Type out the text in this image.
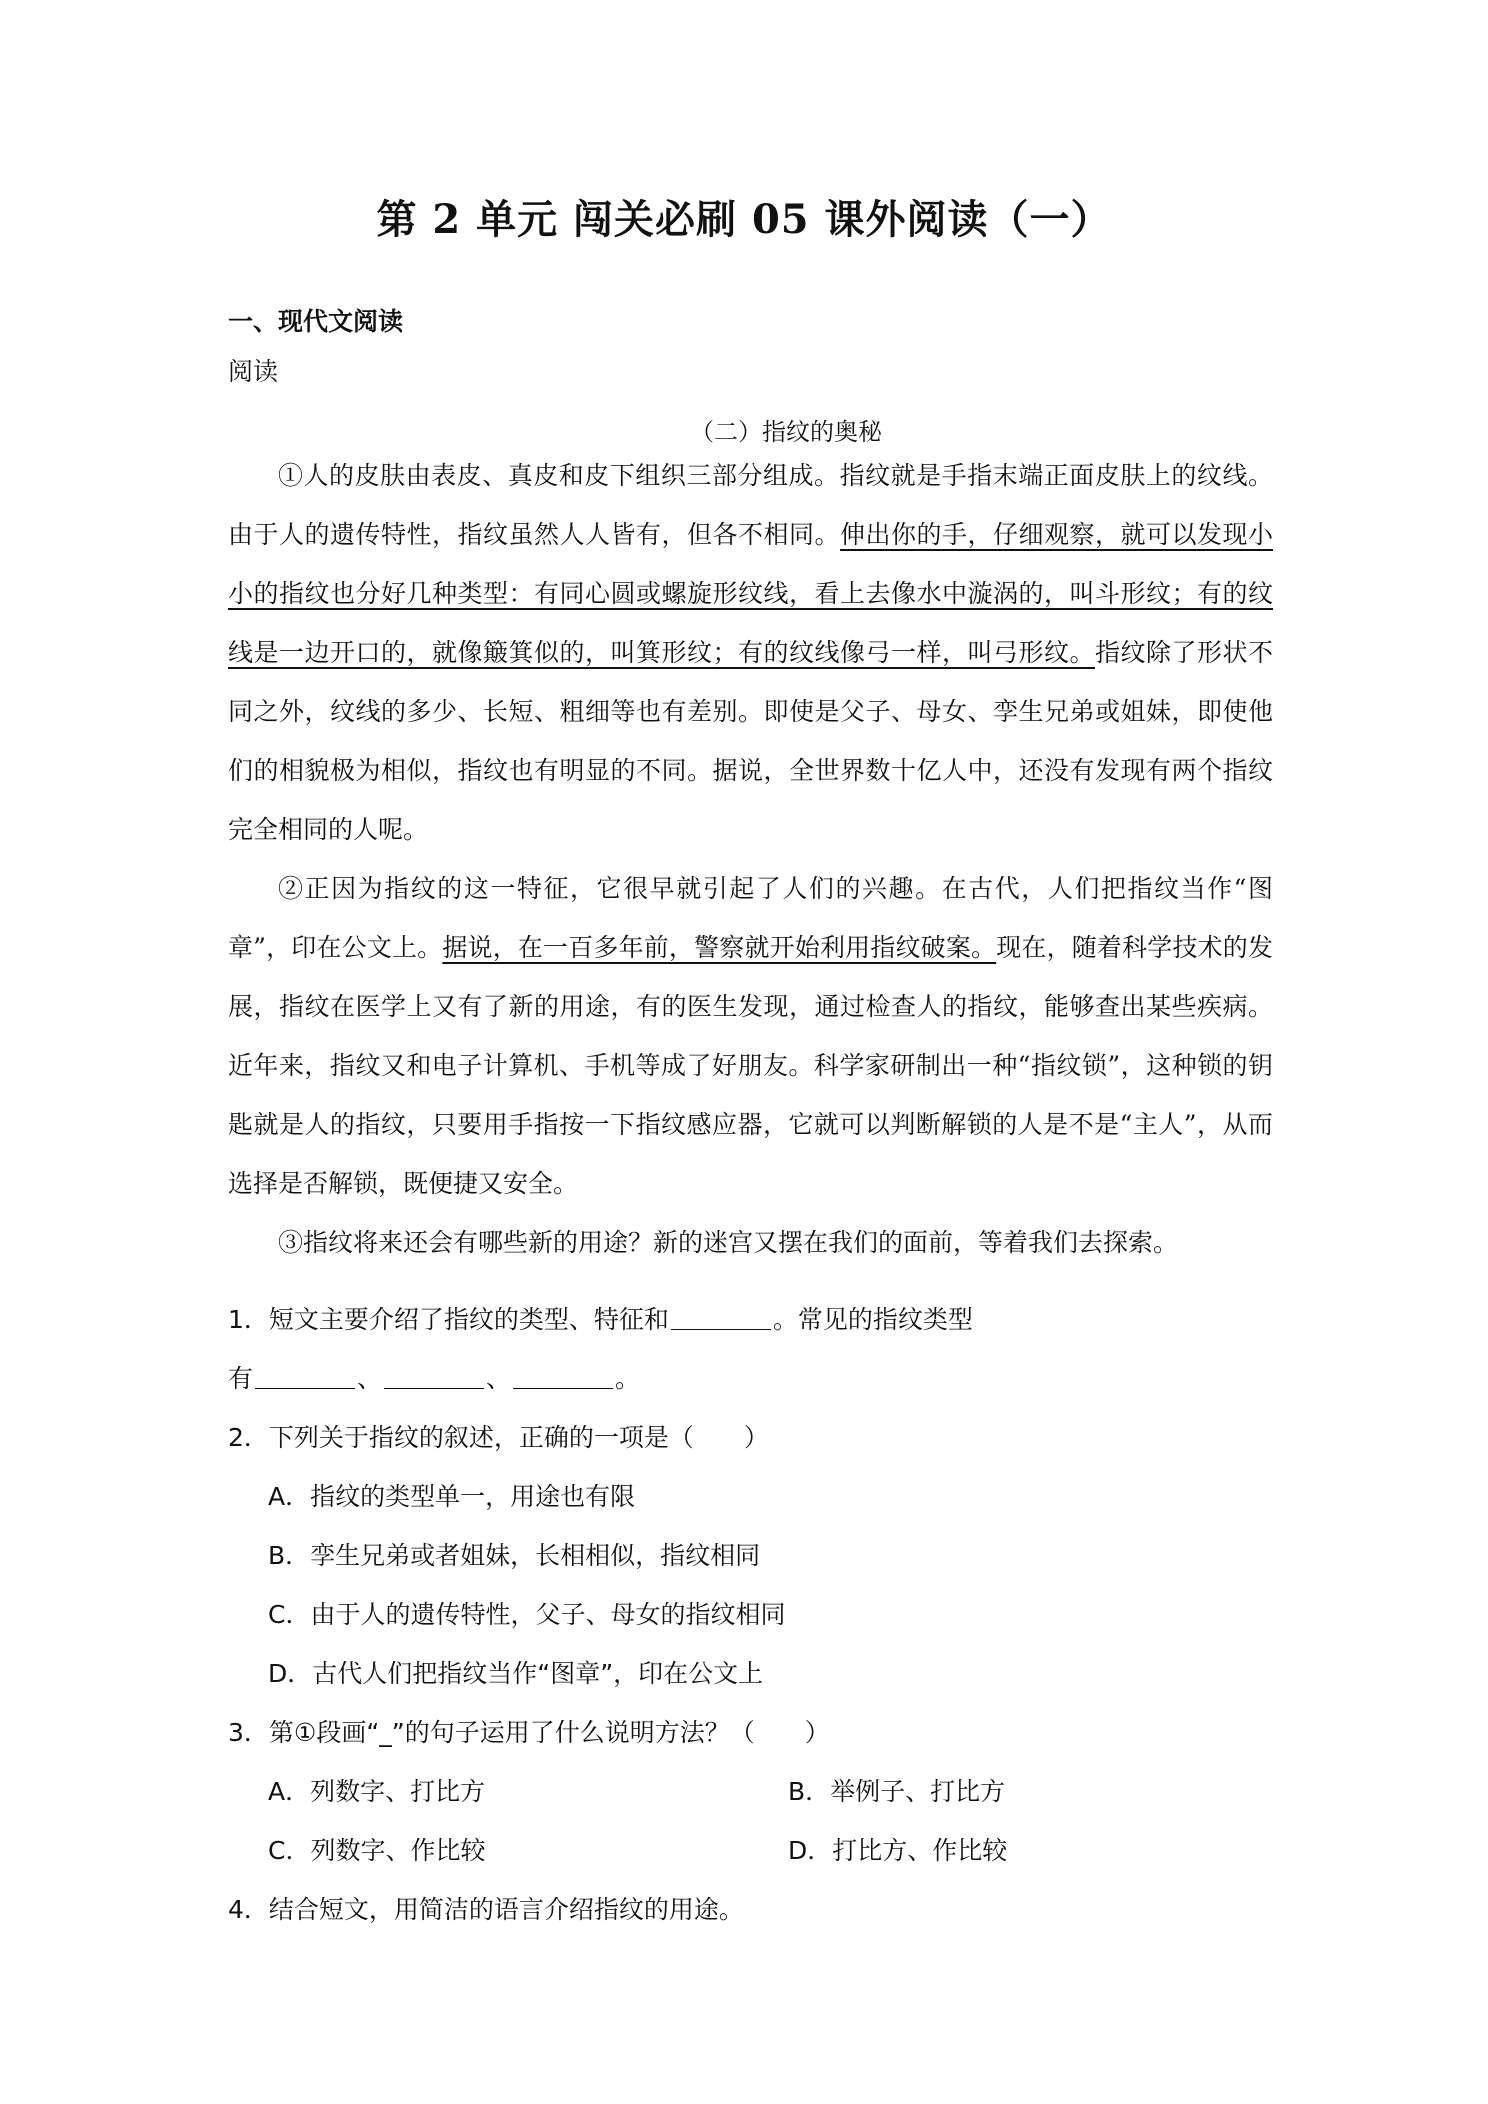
第 2 单元 闯关必刷 05 课外阅读（一）
一、现代文阅读
阅读
（二）指纹的奥秘

①人的皮肤由表皮、真皮和皮下组织三部分组成。指纹就是手指末端正面皮肤上的纹线。由于人的遗传特性，指纹虽然人人皆有，但各不相同。伸出你的手，仔细观察，就可以发现小小的指纹也分好几种类型：有同心圆或螺旋形纹线，看上去像水中漩涡的，叫斗形纹；有的纹线是一边开口的，就像簸箕似的，叫箕形纹；有的纹线像弓一样，叫弓形纹。指纹除了形状不同之外，纹线的多少、长短、粗细等也有差别。即使是父子、母女、孪生兄弟或姐妹，即使他们的相貌极为相似，指纹也有明显的不同。据说，全世界数十亿人中，还没有发现有两个指纹完全相同的人呢。

②正因为指纹的这一特征，它很早就引起了人们的兴趣。在古代，人们把指纹当作“图章”，印在公文上。据说，在一百多年前，警察就开始利用指纹破案。现在，随着科学技术的发展，指纹在医学上又有了新的用途，有的医生发现，通过检查人的指纹，能够查出某些疾病。近年来，指纹又和电子计算机、手机等成了好朋友。科学家研制出一种“指纹锁”，这种锁的钥匙就是人的指纹，只要用手指按一下指纹感应器，它就可以判断解锁的人是不是“主人”，从而选择是否解锁，既便捷又安全。

③指纹将来还会有哪些新的用途？新的迷宫又摆在我们的面前，等着我们去探索。

1．短文主要介绍了指纹的类型、特征和	。常见的指纹类型
有	、	、	。
2．下列关于指纹的叙述，正确的一项是（　　）
A．指纹的类型单一，用途也有限
B．孪生兄弟或者姐妹，长相相似，指纹相同
C．由于人的遗传特性，父子、母女的指纹相同
D．古代人们把指纹当作“图章”，印在公文上
3．第①段画“_”的句子运用了什么说明方法？（　　）
A．列数字、打比方	B．举例子、打比方
C．列数字、作比较	D．打比方、作比较
4．结合短文，用简洁的语言介绍指纹的用途。
